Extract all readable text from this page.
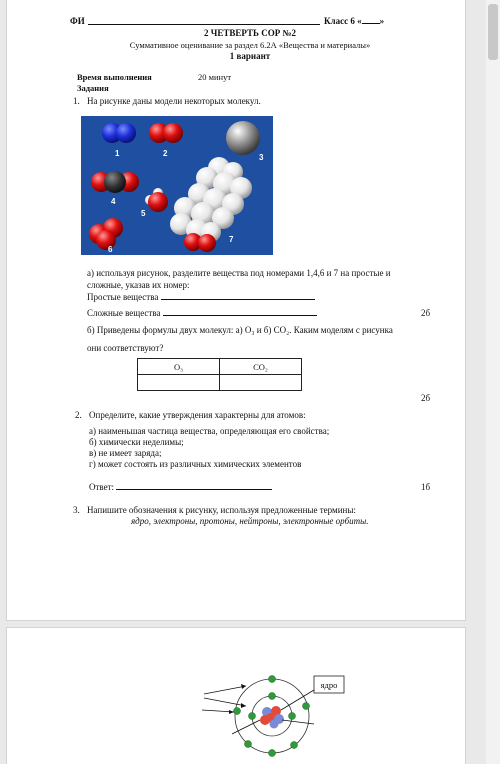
ФИ	Класс 6 « »
2 ЧЕТВЕРТЬ СОР №2
Суммативное оценивание за раздел 6.2А «Вещества и материалы»
1 вариант
Время выполнения	20 минут
Задания
1. На рисунке даны модели некоторых молекул.
1	2	3
4
5
6
7
а) используя рисунок, разделите вещества под номерами 1,4,6 и 7 на простые и
сложные, указав их номер:
Простые вещества
Сложные вещества	2б
б) Приведены формулы двух молекул: а) O₃ и б) CO₂. Каким моделям с рисунка
они соответствуют?
O₃	CO₂

2б
2. Определите, какие утверждения характерны для атомов:
а) наименьшая частица вещества, определяющая его свойства;
б) химически неделимы;
в) не имеет заряда;
г) может состоять из различных химических элементов
Ответ:	1б
3. Напишите обозначения к рисунку, используя предложенные термины:
ядро, электроны, протоны, нейтроны, электронные орбиты.
ядро
